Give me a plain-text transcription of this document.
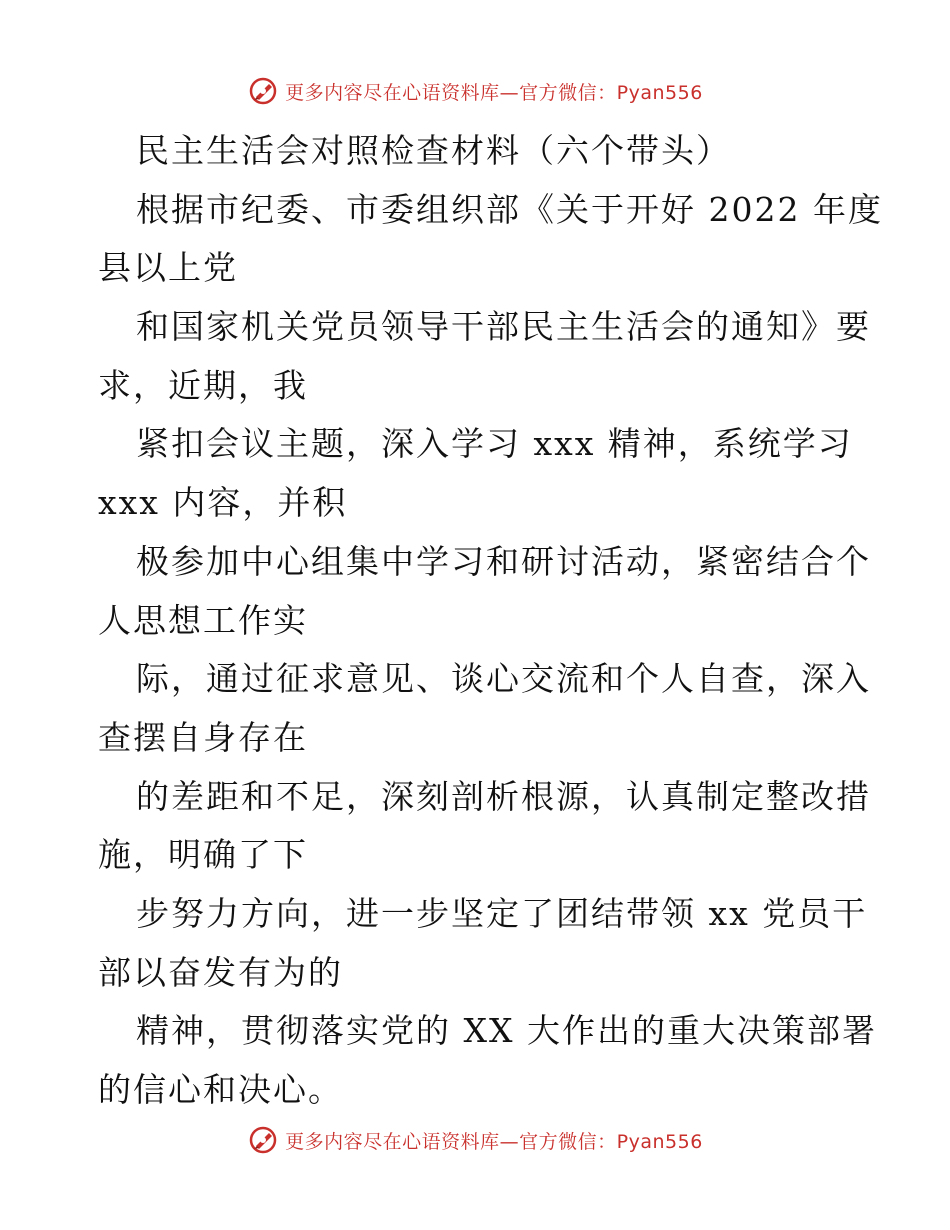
更多内容尽在心语资料库—官方微信：Pyan556
民主生活会对照检查材料（六个带头）
根据市纪委、市委组织部《关于开好 2022 年度
县以上党
和国家机关党员领导干部民主生活会的通知》要
求，近期，我
紧扣会议主题，深入学习 xxx 精神，系统学习
xxx 内容，并积
极参加中心组集中学习和研讨活动，紧密结合个
人思想工作实
际，通过征求意见、谈心交流和个人自查，深入
查摆自身存在
的差距和不足，深刻剖析根源，认真制定整改措
施，明确了下
步努力方向，进一步坚定了团结带领 xx 党员干
部以奋发有为的
精神，贯彻落实党的 XX 大作出的重大决策部署
的信心和决心。
更多内容尽在心语资料库—官方微信：Pyan556
